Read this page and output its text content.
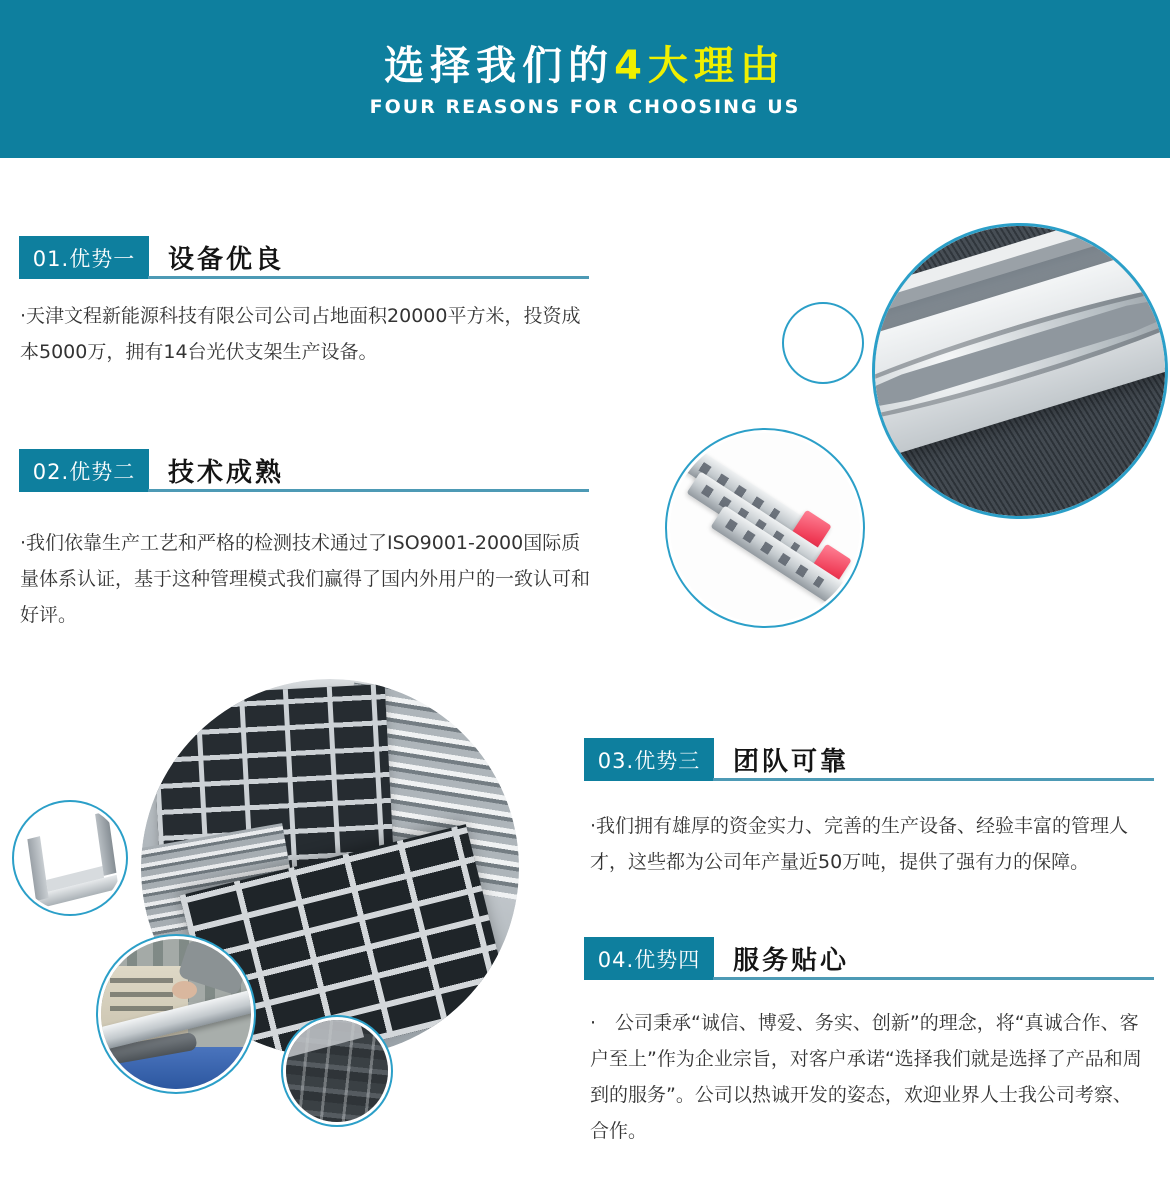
选择我们的4大理由
FOUR REASONS FOR CHOOSING US
01.优势一	设备优良

·天津文程新能源科技有限公司公司占地面积20000平方米，投资成本5000万，拥有14台光伏支架生产设备。

02.优势二	技术成熟

·我们依靠生产工艺和严格的检测技术通过了ISO9001-2000国际质量体系认证，基于这种管理模式我们赢得了国内外用户的一致认可和好评。

03.优势三	团队可靠

·我们拥有雄厚的资金实力、完善的生产设备、经验丰富的管理人才，这些都为公司年产量近50万吨，提供了强有力的保障。

04.优势四	服务贴心

·　公司秉承“诚信、博爱、务实、创新”的理念，将“真诚合作、客户至上”作为企业宗旨，对客户承诺“选择我们就是选择了产品和周到的服务”。公司以热诚开发的姿态，欢迎业界人士我公司考察、合作。
